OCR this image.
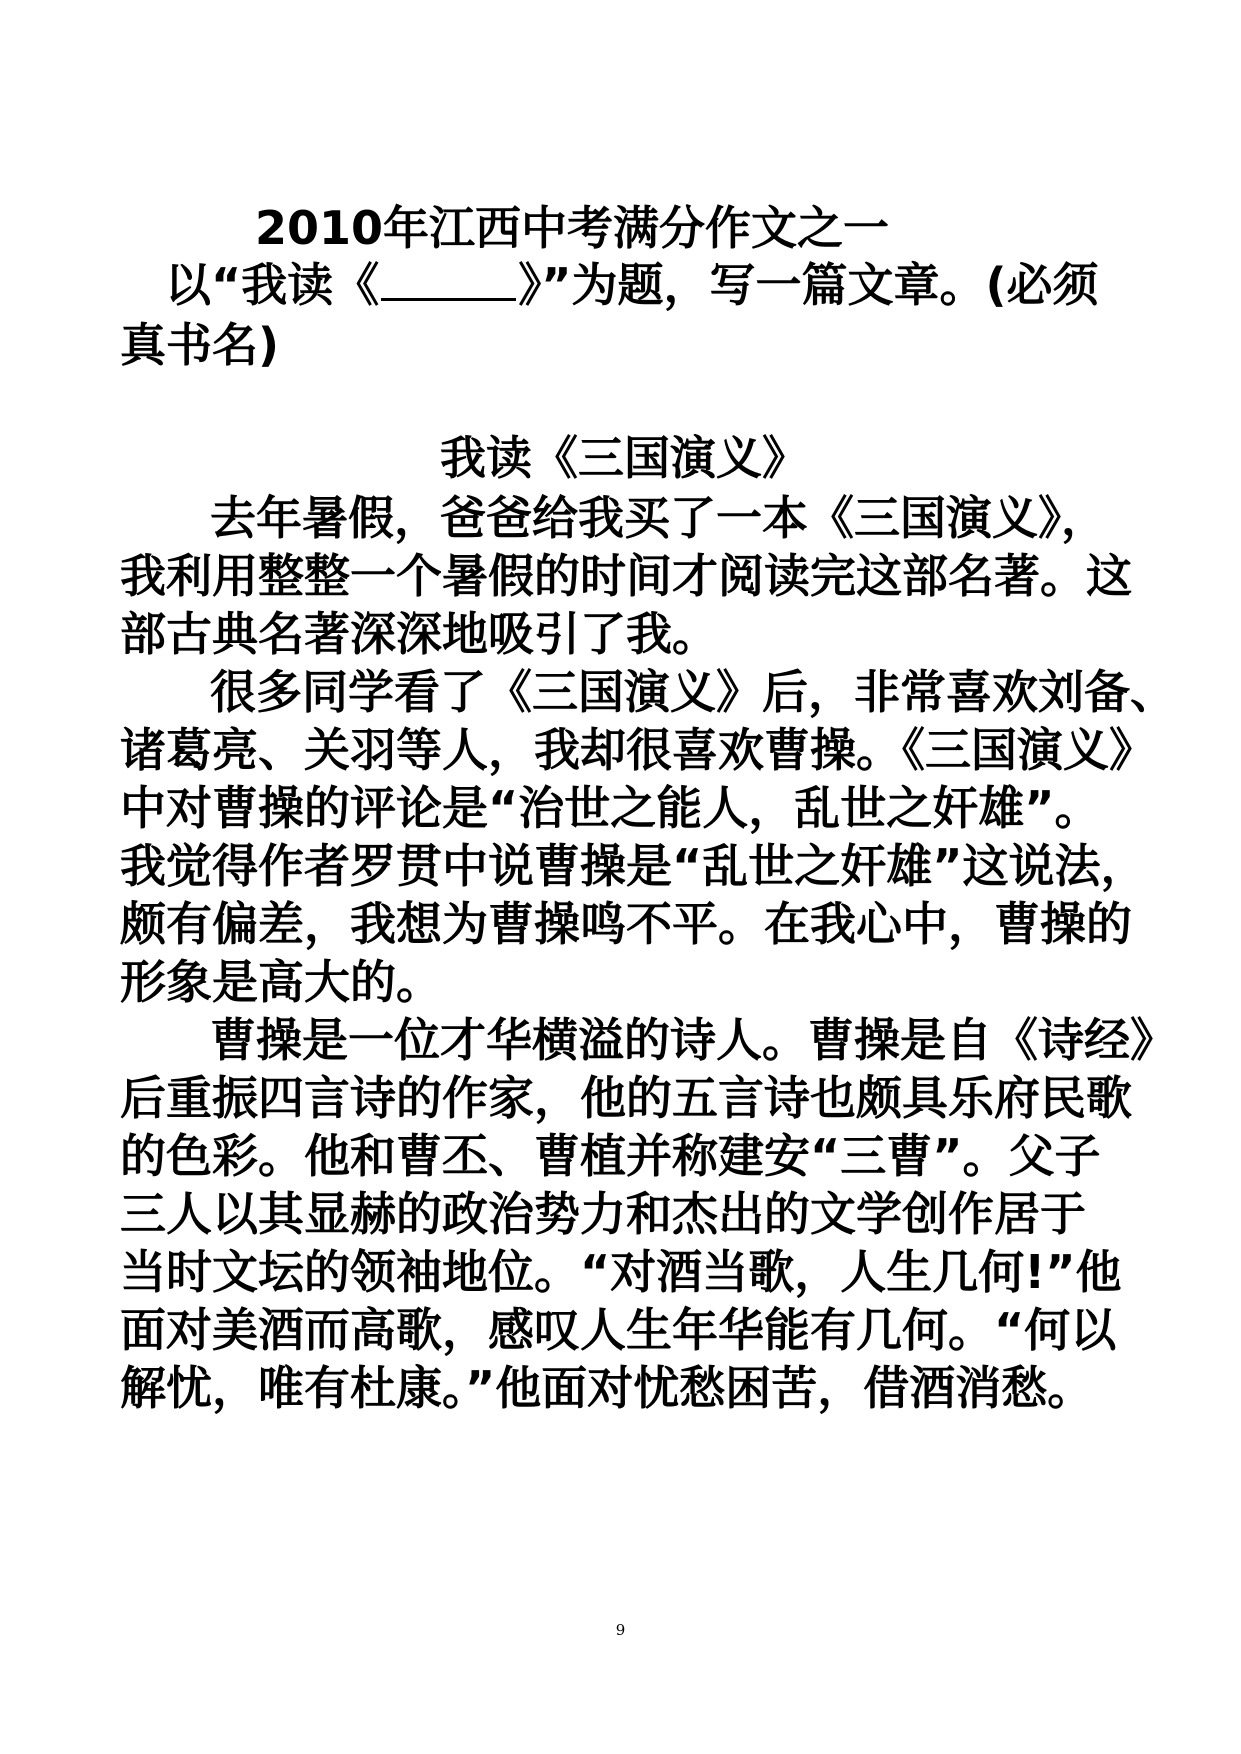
2010年江西中考满分作文之一
以“我读《	》”为题，写一篇文章。(必须
真书名)
我读《三国演义》
去年暑假，爸爸给我买了一本《三国演义》，
我利用整整一个暑假的时间才阅读完这部名著。这
部古典名著深深地吸引了我。
很多同学看了《三国演义》后，非常喜欢刘备、
诸葛亮、关羽等人，我却很喜欢曹操。《三国演义》
中对曹操的评论是“治世之能人，乱世之奸雄”。
我觉得作者罗贯中说曹操是“乱世之奸雄”这说法，
颇有偏差，我想为曹操鸣不平。在我心中，曹操的
形象是高大的。
曹操是一位才华横溢的诗人。曹操是自《诗经》
后重振四言诗的作家，他的五言诗也颇具乐府民歌
的色彩。他和曹丕、曹植并称建安“三曹”。父子
三人以其显赫的政治势力和杰出的文学创作居于
当时文坛的领袖地位。“对酒当歌，人生几何!”他
面对美酒而高歌，感叹人生年华能有几何。“何以
解忧，唯有杜康。”他面对忧愁困苦，借酒消愁。
9
